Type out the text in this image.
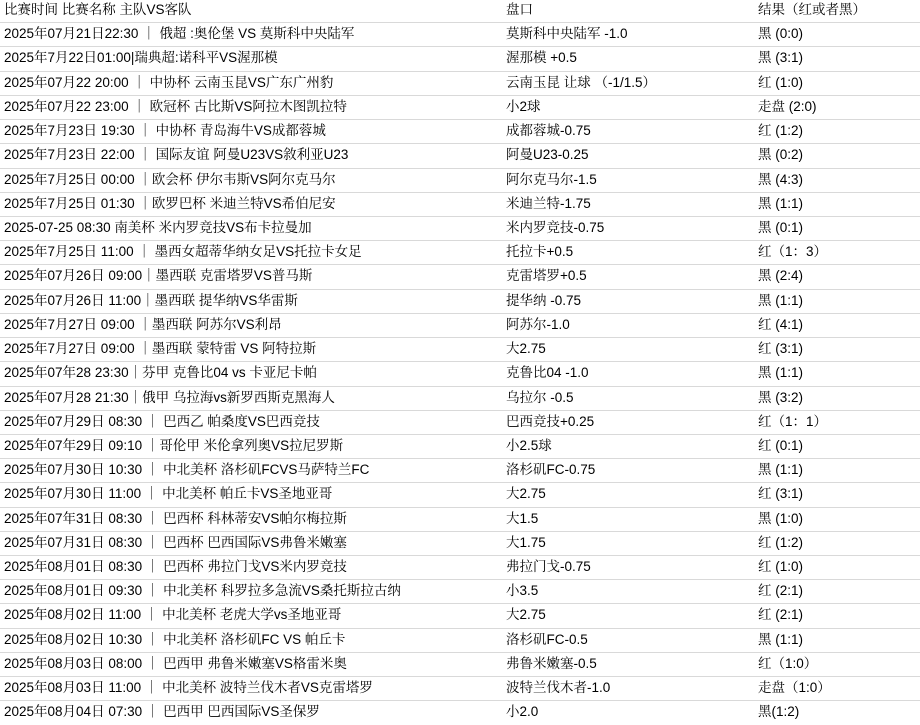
比赛时间 比赛名称 主队VS客队	盘口	结果（红或者黑）
2025年07月21日22:30 ｜ 俄超 :奥伦堡 VS 莫斯科中央陆军	莫斯科中央陆军 -1.0	黑 (0:0)
2025年7月22日01:00|瑞典超:诺科平VS渥那模	渥那模 +0.5	黑 (3:1)
2025年07月22 20:00 ｜ 中协杯 云南玉昆VS广东广州豹	云南玉昆 让球 （-1/1.5）	红 (1:0)
2025年07月22 23:00 ｜ 欧冠杯 古比斯VS阿拉木图凯拉特	小2球	走盘 (2:0)
2025年7月23日 19:30 ｜ 中协杯 青岛海牛VS成都蓉城	成都蓉城-0.75	红 (1:2)
2025年7月23日 22:00 ｜ 国际友谊 阿曼U23VS敘利亚U23	阿曼U23-0.25	黑 (0:2)
2025年7月25日 00:00 ｜欧会杯 伊尔韦斯VS阿尔克马尔	阿尔克马尔-1.5	黑 (4:3)
2025年7月25日 01:30 ｜欧罗巴杯 米迪兰特VS希伯尼安	米迪兰特-1.75	黑 (1:1)
2025-07-25 08:30 南美杯 米内罗竞技VS布卡拉曼加	米内罗竞技-0.75	黑 (0:1)
2025年7月25日 11:00 ｜ 墨西女超蒂华纳女足VS托拉卡女足	托拉卡+0.5	红（1：3）
2025年07月26日 09:00｜墨西联 克雷塔罗VS普马斯	克雷塔罗+0.5	黑 (2:4)
2025年07月26日 11:00｜墨西联 提华纳VS华雷斯	提华纳 -0.75	黑 (1:1)
2025年7月27日 09:00 ｜墨西联 阿苏尔VS利昂	阿苏尔-1.0	红 (4:1)
2025年7月27日 09:00 ｜墨西联 蒙特雷 VS 阿特拉斯	大2.75	红 (3:1)
2025年07年28 23:30｜芬甲 克鲁比04 vs 卡亚尼卡帕	克鲁比04 -1.0	黑 (1:1)
2025年07月28 21:30｜俄甲 乌拉海vs新罗西斯克黑海人	乌拉尔 -0.5	黑 (3:2)
2025年07月29日 08:30 ｜ 巴西乙 帕桑度VS巴西竞技	巴西竞技+0.25	红（1：1）
2025年07年29日 09:10 ｜哥伦甲 米伦拿列奥VS拉尼罗斯	小2.5球	红 (0:1)
2025年07月30日 10:30 ｜ 中北美杯 洛杉矶FCVS马萨特兰FC	洛杉矶FC-0.75	黑 (1:1)
2025年07月30日 11:00 ｜ 中北美杯 帕丘卡VS圣地亚哥	大2.75	红 (3:1)
2025年07年31日 08:30 ｜ 巴西杯 科林蒂安VS帕尔梅拉斯	大1.5	黑 (1:0)
2025年07月31日 08:30 ｜ 巴西杯 巴西国际VS弗鲁米嫩塞	大1.75	红 (1:2)
2025年08月01日 08:30 ｜ 巴西杯 弗拉门戈VS米内罗竞技	弗拉门戈-0.75	红 (1:0)
2025年08月01日 09:30 ｜ 中北美杯 科罗拉多急流VS桑托斯拉古纳	小3.5	红 (2:1)
2025年08月02日 11:00 ｜ 中北美杯 老虎大学vs圣地亚哥	大2.75	红 (2:1)
2025年08月02日 10:30 ｜ 中北美杯 洛杉矶FC VS 帕丘卡	洛杉矶FC-0.5	黑 (1:1)
2025年08月03日 08:00 ｜ 巴西甲 弗鲁米嫩塞VS格雷米奥	弗鲁米嫩塞-0.5	红（1:0）
2025年08月03日 11:00 ｜ 中北美杯 波特兰伐木者VS克雷塔罗	波特兰伐木者-1.0	走盘（1:0）
2025年08月04日 07:30 ｜ 巴西甲 巴西国际VS圣保罗	小2.0	黑(1:2)
